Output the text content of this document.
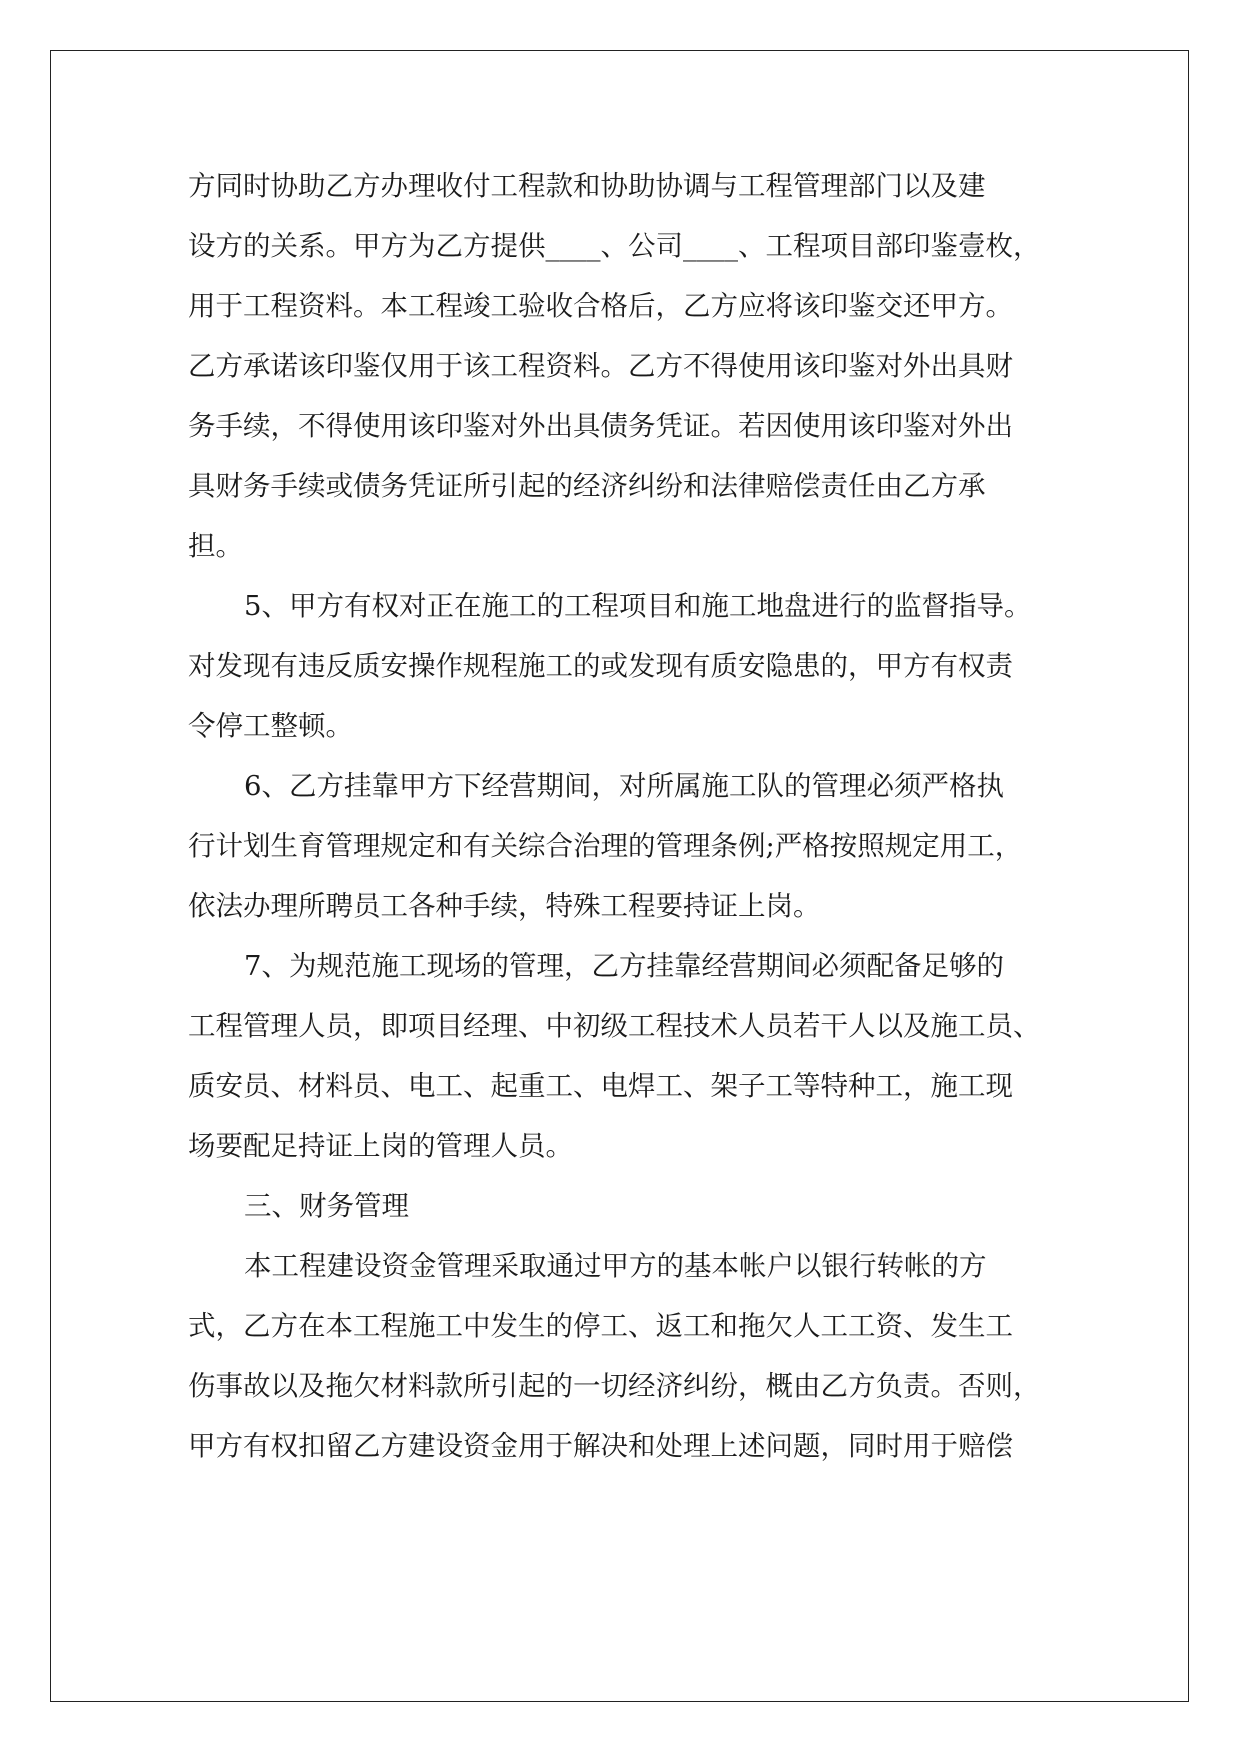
方同时协助乙方办理收付工程款和协助协调与工程管理部门以及建
设方的关系。甲方为乙方提供____、公司____、工程项目部印鉴壹枚，
用于工程资料。本工程竣工验收合格后，乙方应将该印鉴交还甲方。
乙方承诺该印鉴仅用于该工程资料。乙方不得使用该印鉴对外出具财
务手续，不得使用该印鉴对外出具债务凭证。若因使用该印鉴对外出
具财务手续或债务凭证所引起的经济纠纷和法律赔偿责任由乙方承
担。
5、甲方有权对正在施工的工程项目和施工地盘进行的监督指导。
对发现有违反质安操作规程施工的或发现有质安隐患的，甲方有权责
令停工整顿。
6、乙方挂靠甲方下经营期间，对所属施工队的管理必须严格执
行计划生育管理规定和有关综合治理的管理条例;严格按照规定用工，
依法办理所聘员工各种手续，特殊工程要持证上岗。
7、为规范施工现场的管理，乙方挂靠经营期间必须配备足够的
工程管理人员，即项目经理、中初级工程技术人员若干人以及施工员、
质安员、材料员、电工、起重工、电焊工、架子工等特种工，施工现
场要配足持证上岗的管理人员。
三、财务管理
本工程建设资金管理采取通过甲方的基本帐户以银行转帐的方
式，乙方在本工程施工中发生的停工、返工和拖欠人工工资、发生工
伤事故以及拖欠材料款所引起的一切经济纠纷，概由乙方负责。否则，
甲方有权扣留乙方建设资金用于解决和处理上述问题，同时用于赔偿
